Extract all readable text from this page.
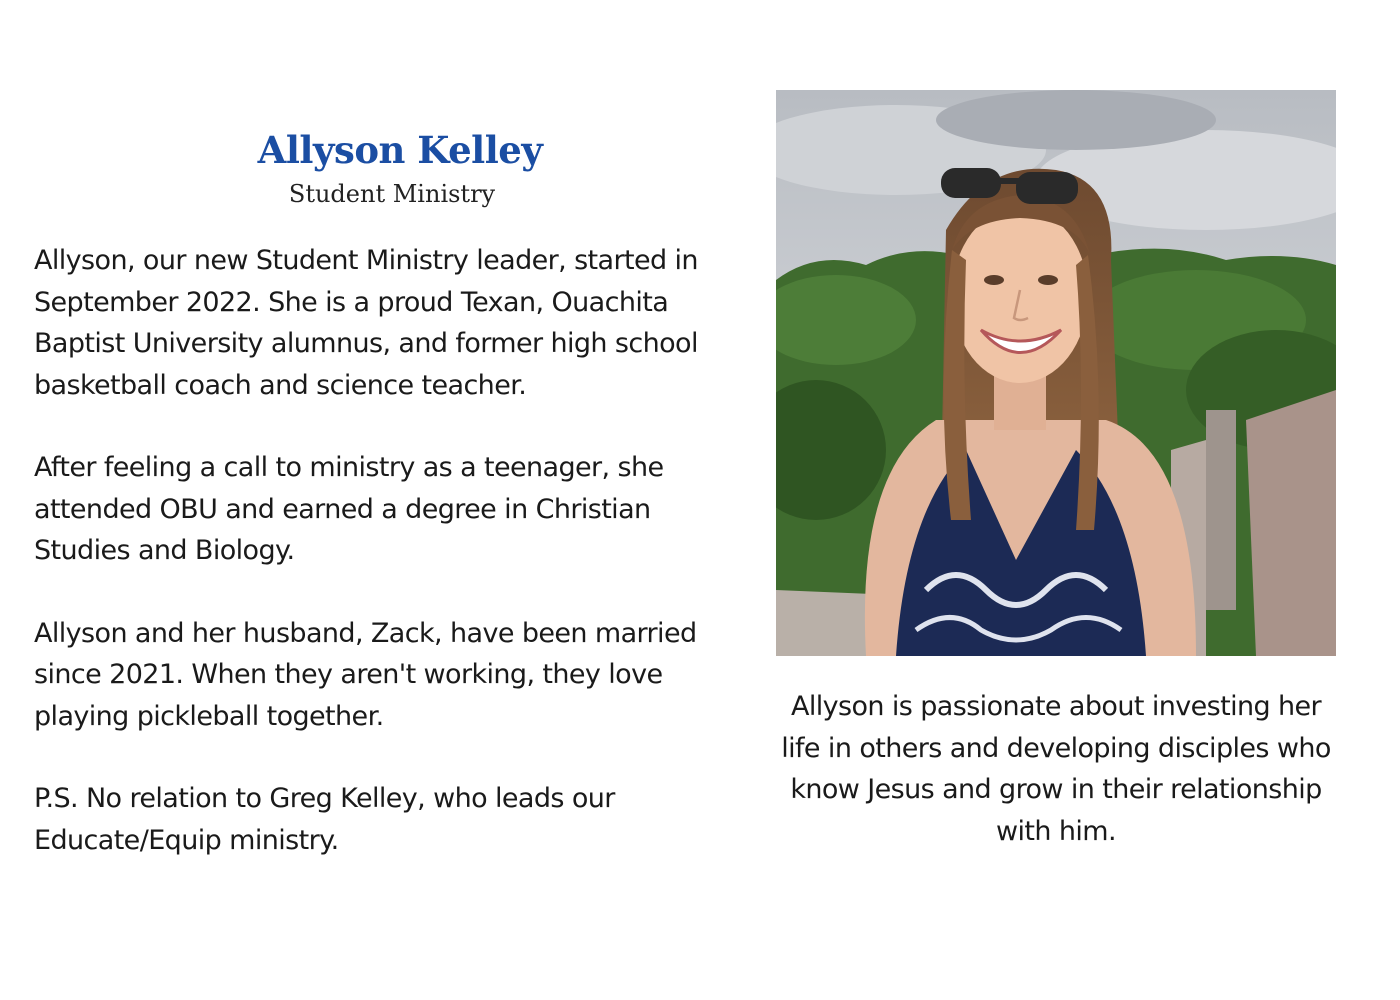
Allyson Kelley
Student Ministry

Allyson, our new Student Ministry leader, started in September 2022. She is a proud Texan, Ouachita Baptist University alumnus, and former high school basketball coach and science teacher.

After feeling a call to ministry as a teenager, she attended OBU and earned a degree in Christian Studies and Biology.

Allyson and her husband, Zack, have been married since 2021. When they aren't working, they love playing pickleball together.

P.S. No relation to Greg Kelley, who leads our Educate/Equip ministry.

Allyson is passionate about investing her life in others and developing disciples who know Jesus and grow in their relationship with him.
